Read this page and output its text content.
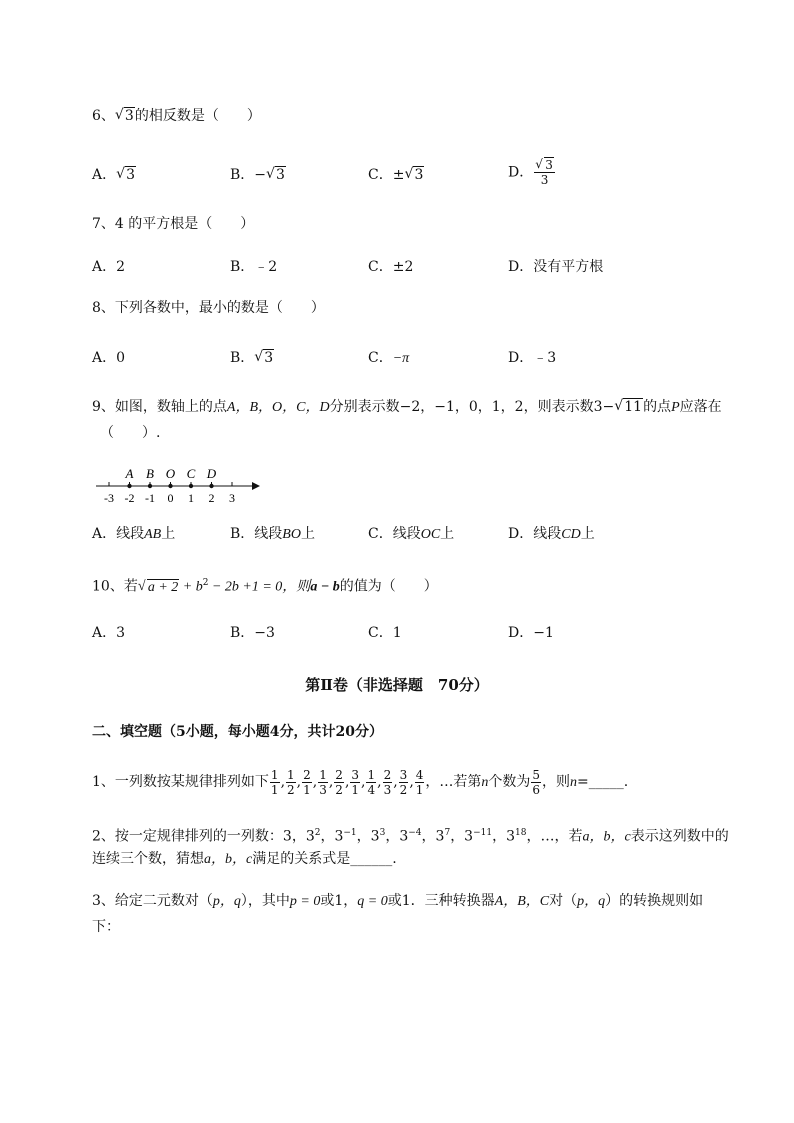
6、 √ 3的相反数是（　　）
A． √ 3	B．− √ 3	C．± √ 3	D． √ $\frac{3}{3}$
7、4 的平方根是（　　）
A．2	B．﹣2	C．±2	D．没有平方根
8、下列各数中，最小的数是（　　）
A．0	B． √ 3	C．−π	D．﹣3
9、如图，数轴上的点A，B，O，C，D分别表示数−2，−1，0，1，2，则表示数3− √ 11的点P应落在
（　　）.
-3 -2 -1 0 1 2 3
A B O C D
A．线段AB上	B．线段BO上	C．线段OC上	D．线段CD上
10、若 √ $a + 2 + b^2 - 2b +1 = 0$，则a − b的值为（　　）
A．3	B．−3	C．1	D．−1
第Ⅱ卷（非选择题　70分）
二、填空题（5小题，每小题4分，共计20分）
1、一列数按某规律排列如下 $\frac{1}{1}$ , $\frac{1}{2}$ , $\frac{2}{1}$ , $\frac{1}{3}$ , $\frac{2}{2}$ , $\frac{3}{1}$ , $\frac{1}{4}$ , $\frac{2}{3}$ , $\frac{3}{2}$ , $\frac{4}{1}$ ，…若第n个数为 $\frac{5}{6}$ ，则n=_____.
2、按一定规律排列的一列数：3，$3^2$，$3^{-1}$，$3^3$，$3^{-4}$，$3^7$，$3^{-11}$，$3^{18}$，…，若a，b，c表示这列数中的
连续三个数，猜想a，b，c满足的关系式是______.
3、给定二元数对（p，q），其中p = 0或1，q = 0或1．三种转换器A，B，C对（p，q）的转换规则如
下：
